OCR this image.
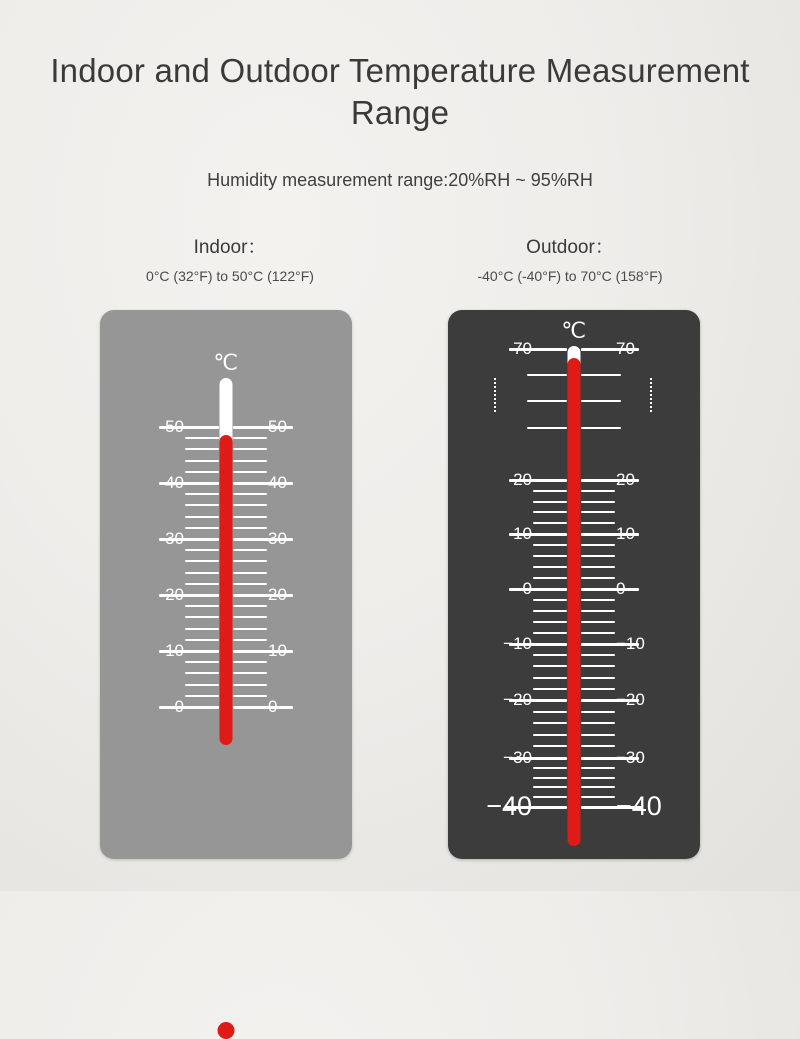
Indoor and Outdoor Temperature Measurement Range
Humidity measurement range:20%RH ~ 95%RH
Indoor：
0°C (32°F) to 50°C (122°F)
Outdoor：
-40°C (-40°F) to 70°C (158°F)
℃
50	50
40	40
30	30
20	20
10	10
0	0
℃
70	70
20	20
10	10
0	0
−10	−10
−20	−20
−30	−30
−40	−40
